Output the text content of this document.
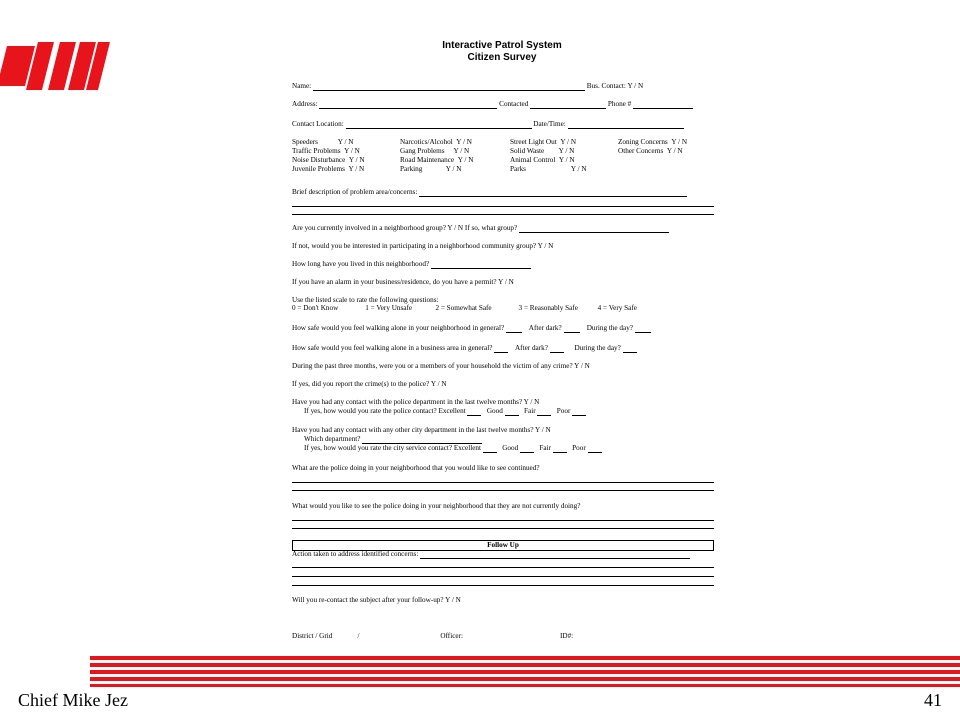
Interactive Patrol System
Citizen Survey
Name:	Bus. Contact: Y / N
Address:	Contacted	Phone #
Contact Location:	Date/Time:
Speeders	Y / N	Narcotics/Alcohol Y / N	Street Light Out Y / N	Zoning Concerns Y / N
Traffic Problems Y / N	Gang Problems Y / N	Solid Waste Y / N	Other Concerns Y / N
Noise Disturbance Y / N	Road Maintenance Y / N	Animal Control Y / N
Juvenile Problems Y / N	Parking	Y / N	Parks	Y / N
Brief description of problem area/concerns:
Are you currently involved in a neighborhood group? Y / N If so, what group?
If not, would you be interested in participating in a neighborhood community group? Y / N
How long have you lived in this neighborhood?
If you have an alarm in your business/residence, do you have a permit? Y / N
Use the listed scale to rate the following questions:
0 = Don't Know	1 = Very Unsafe	2 = Somewhat Safe	3 = Reasonably Safe	4 = Very Safe
How safe would you feel walking alone in your neighborhood in general?	After dark?	During the day?
How safe would you feel walking alone in a business area in general?	After dark?	During the day?
During the past three months, were you or a members of your household the victim of any crime? Y / N
If yes, did you report the crime(s) to the police? Y / N
Have you had any contact with the police department in the last twelve months? Y / N
If yes, how would you rate the police contact? Excellent	Good	Fair	Poor
Have you had any contact with any other city department in the last twelve months? Y / N
Which department?
If yes, how would you rate the city service contact? Excellent	Good	Fair	Poor
What are the police doing in your neighborhood that you would like to see continued?
What would you like to see the police doing in your neighborhood that they are not currently doing?
Follow Up
Action taken to address identified concerns:
Will you re-contact the subject after your follow-up? Y / N
District / Grid	/	Officer:	ID#:
Chief Mike Jez	41
